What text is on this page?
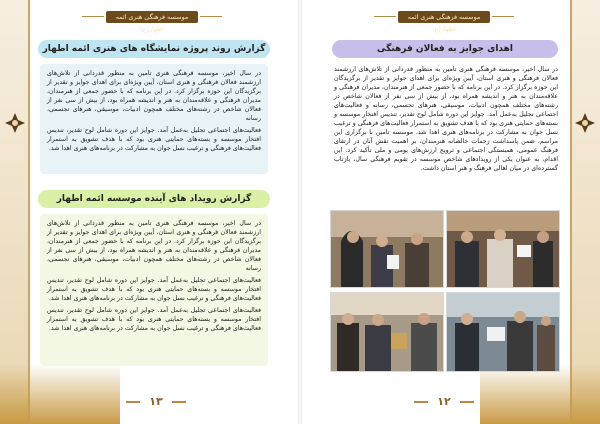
موسسه فرهنگی هنری ائمه اطهار(ع)
گزارش روند پروژه نمایشگاه های هنری ائمه اطهار

در سال اخیر، موسسه فرهنگی هنری تامین به منظور قدردانی از تلاش‌های ارزشمند فعالان فرهنگی و هنری استان، آیین ویژه‌ای برای اهدای جوایز و تقدیر از برگزیدگان این حوزه برگزار کرد. در این برنامه که با حضور جمعی از هنرمندان، مدیران فرهنگی و علاقه‌مندان به هنر و اندیشه همراه بود، از بیش از سی نفر از فعالان شاخص در رشته‌های مختلف همچون ادبیات، موسیقی، هنرهای تجسمی، رسانه

فعالیت‌های اجتماعی تجلیل به‌عمل آمد. جوایز این دوره شامل لوح تقدیر، تندیس افتخار موسسه و بسته‌های حمایتی هنری بود که با هدف تشویق به استمرار فعالیت‌های فرهنگی و ترغیب نسل جوان به مشارکت در برنامه‌های هنری اهدا شد.

گزارش رویداد های آینده موسسه ائمه اطهار

در سال اخیر، موسسه فرهنگی هنری تامین به منظور قدردانی از تلاش‌های ارزشمند فعالان فرهنگی و هنری استان، آیین ویژه‌ای برای اهدای جوایز و تقدیر از برگزیدگان این حوزه برگزار کرد. در این برنامه که با حضور جمعی از هنرمندان، مدیران فرهنگی و علاقه‌مندان به هنر و اندیشه همراه بود، از بیش از سی نفر از فعالان شاخص در رشته‌های مختلف همچون ادبیات، موسیقی، هنرهای تجسمی، رسانه

فعالیت‌های اجتماعی تجلیل به‌عمل آمد. جوایز این دوره شامل لوح تقدیر، تندیس افتخار موسسه و بسته‌های حمایتی هنری بود که با هدف تشویق به استمرار فعالیت‌های فرهنگی و ترغیب نسل جوان به مشارکت در برنامه‌های هنری اهدا شد.

فعالیت‌های اجتماعی تجلیل به‌عمل آمد. جوایز این دوره شامل لوح تقدیر، تندیس افتخار موسسه و بسته‌های حمایتی هنری بود که با هدف تشویق به استمرار فعالیت‌های فرهنگی و ترغیب نسل جوان به مشارکت در برنامه‌های هنری اهدا شد.

۱۳
موسسه فرهنگی هنری ائمه اطهار(ع)
اهدای جوایز به فعالان فرهنگی

در سال اخیر، موسسه فرهنگی هنری تامین به منظور قدردانی از تلاش‌های ارزشمند فعالان فرهنگی و هنری استان، آیین ویژه‌ای برای اهدای جوایز و تقدیر از برگزیدگان این حوزه برگزار کرد. در این برنامه که با حضور جمعی از هنرمندان، مدیران فرهنگی و علاقه‌مندان به هنر و اندیشه همراه بود، از بیش از سی نفر از فعالان شاخص در رشته‌های مختلف همچون ادبیات، موسیقی، هنرهای تجسمی، رسانه و فعالیت‌های اجتماعی تجلیل به‌عمل آمد. جوایز این دوره شامل لوح تقدیر، تندیس افتخار موسسه و بسته‌های حمایتی هنری بود که با هدف تشویق به استمرار فعالیت‌های فرهنگی و ترغیب نسل جوان به مشارکت در برنامه‌های هنری اهدا شد. موسسه تامین با برگزاری این مراسم، ضمن پاسداشت زحمات خالصانه هنرمندان، بر اهمیت نقش آنان در ارتقای فرهنگ عمومی، همبستگی اجتماعی و ترویج ارزش‌های بومی و ملی تأکید کرد. این اقدام، به عنوان یکی از رویدادهای شاخص موسسه در تقویم فرهنگی سال، بازتاب گسترده‌ای در میان اهالی فرهنگ و هنر استان داشت.

۱۲
